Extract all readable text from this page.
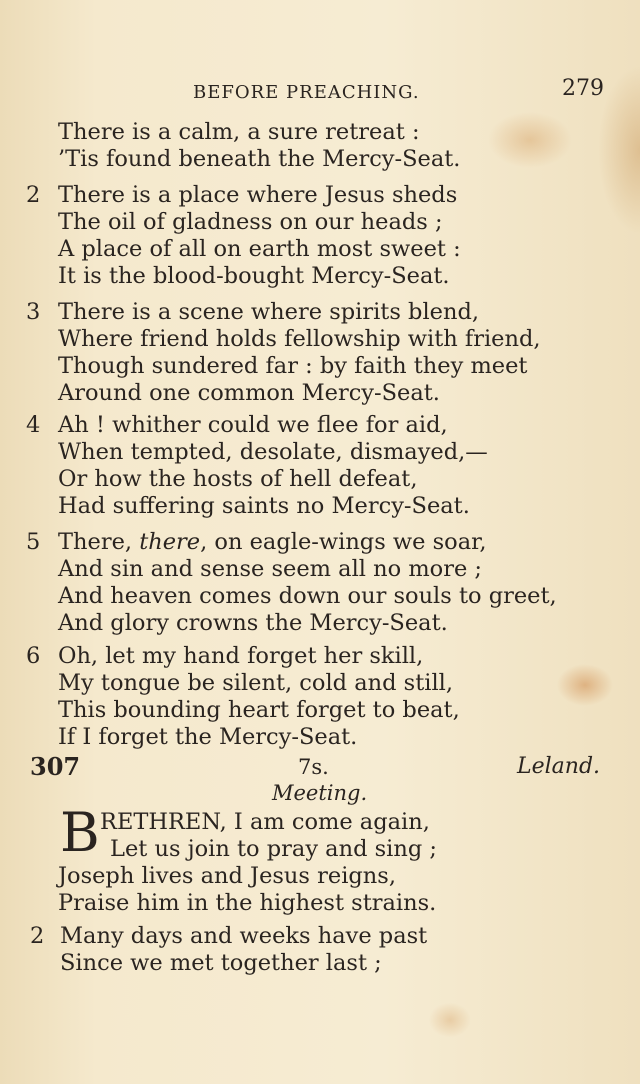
BEFORE PREACHING.	279
There is a calm, a sure retreat :
’Tis found beneath the Mercy-Seat.
2 There is a place where Jesus sheds
The oil of gladness on our heads ;
A place of all on earth most sweet :
It is the blood-bought Mercy-Seat.
3 There is a scene where spirits blend,
Where friend holds fellowship with friend,
Though sundered far : by faith they meet
Around one common Mercy-Seat.
4 Ah ! whither could we flee for aid,
When tempted, desolate, dismayed,—
Or how the hosts of hell defeat,
Had suffering saints no Mercy-Seat.
5 There, there, on eagle-wings we soar,
And sin and sense seem all no more ;
And heaven comes down our souls to greet,
And glory crowns the Mercy-Seat.
6 Oh, let my hand forget her skill,
My tongue be silent, cold and still,
This bounding heart forget to beat,
If I forget the Mercy-Seat.
307	7s.	Leland.
Meeting.
B RETHREN, I am come again,
Let us join to pray and sing ;
Joseph lives and Jesus reigns,
Praise him in the highest strains.
2 Many days and weeks have past
Since we met together last ;
